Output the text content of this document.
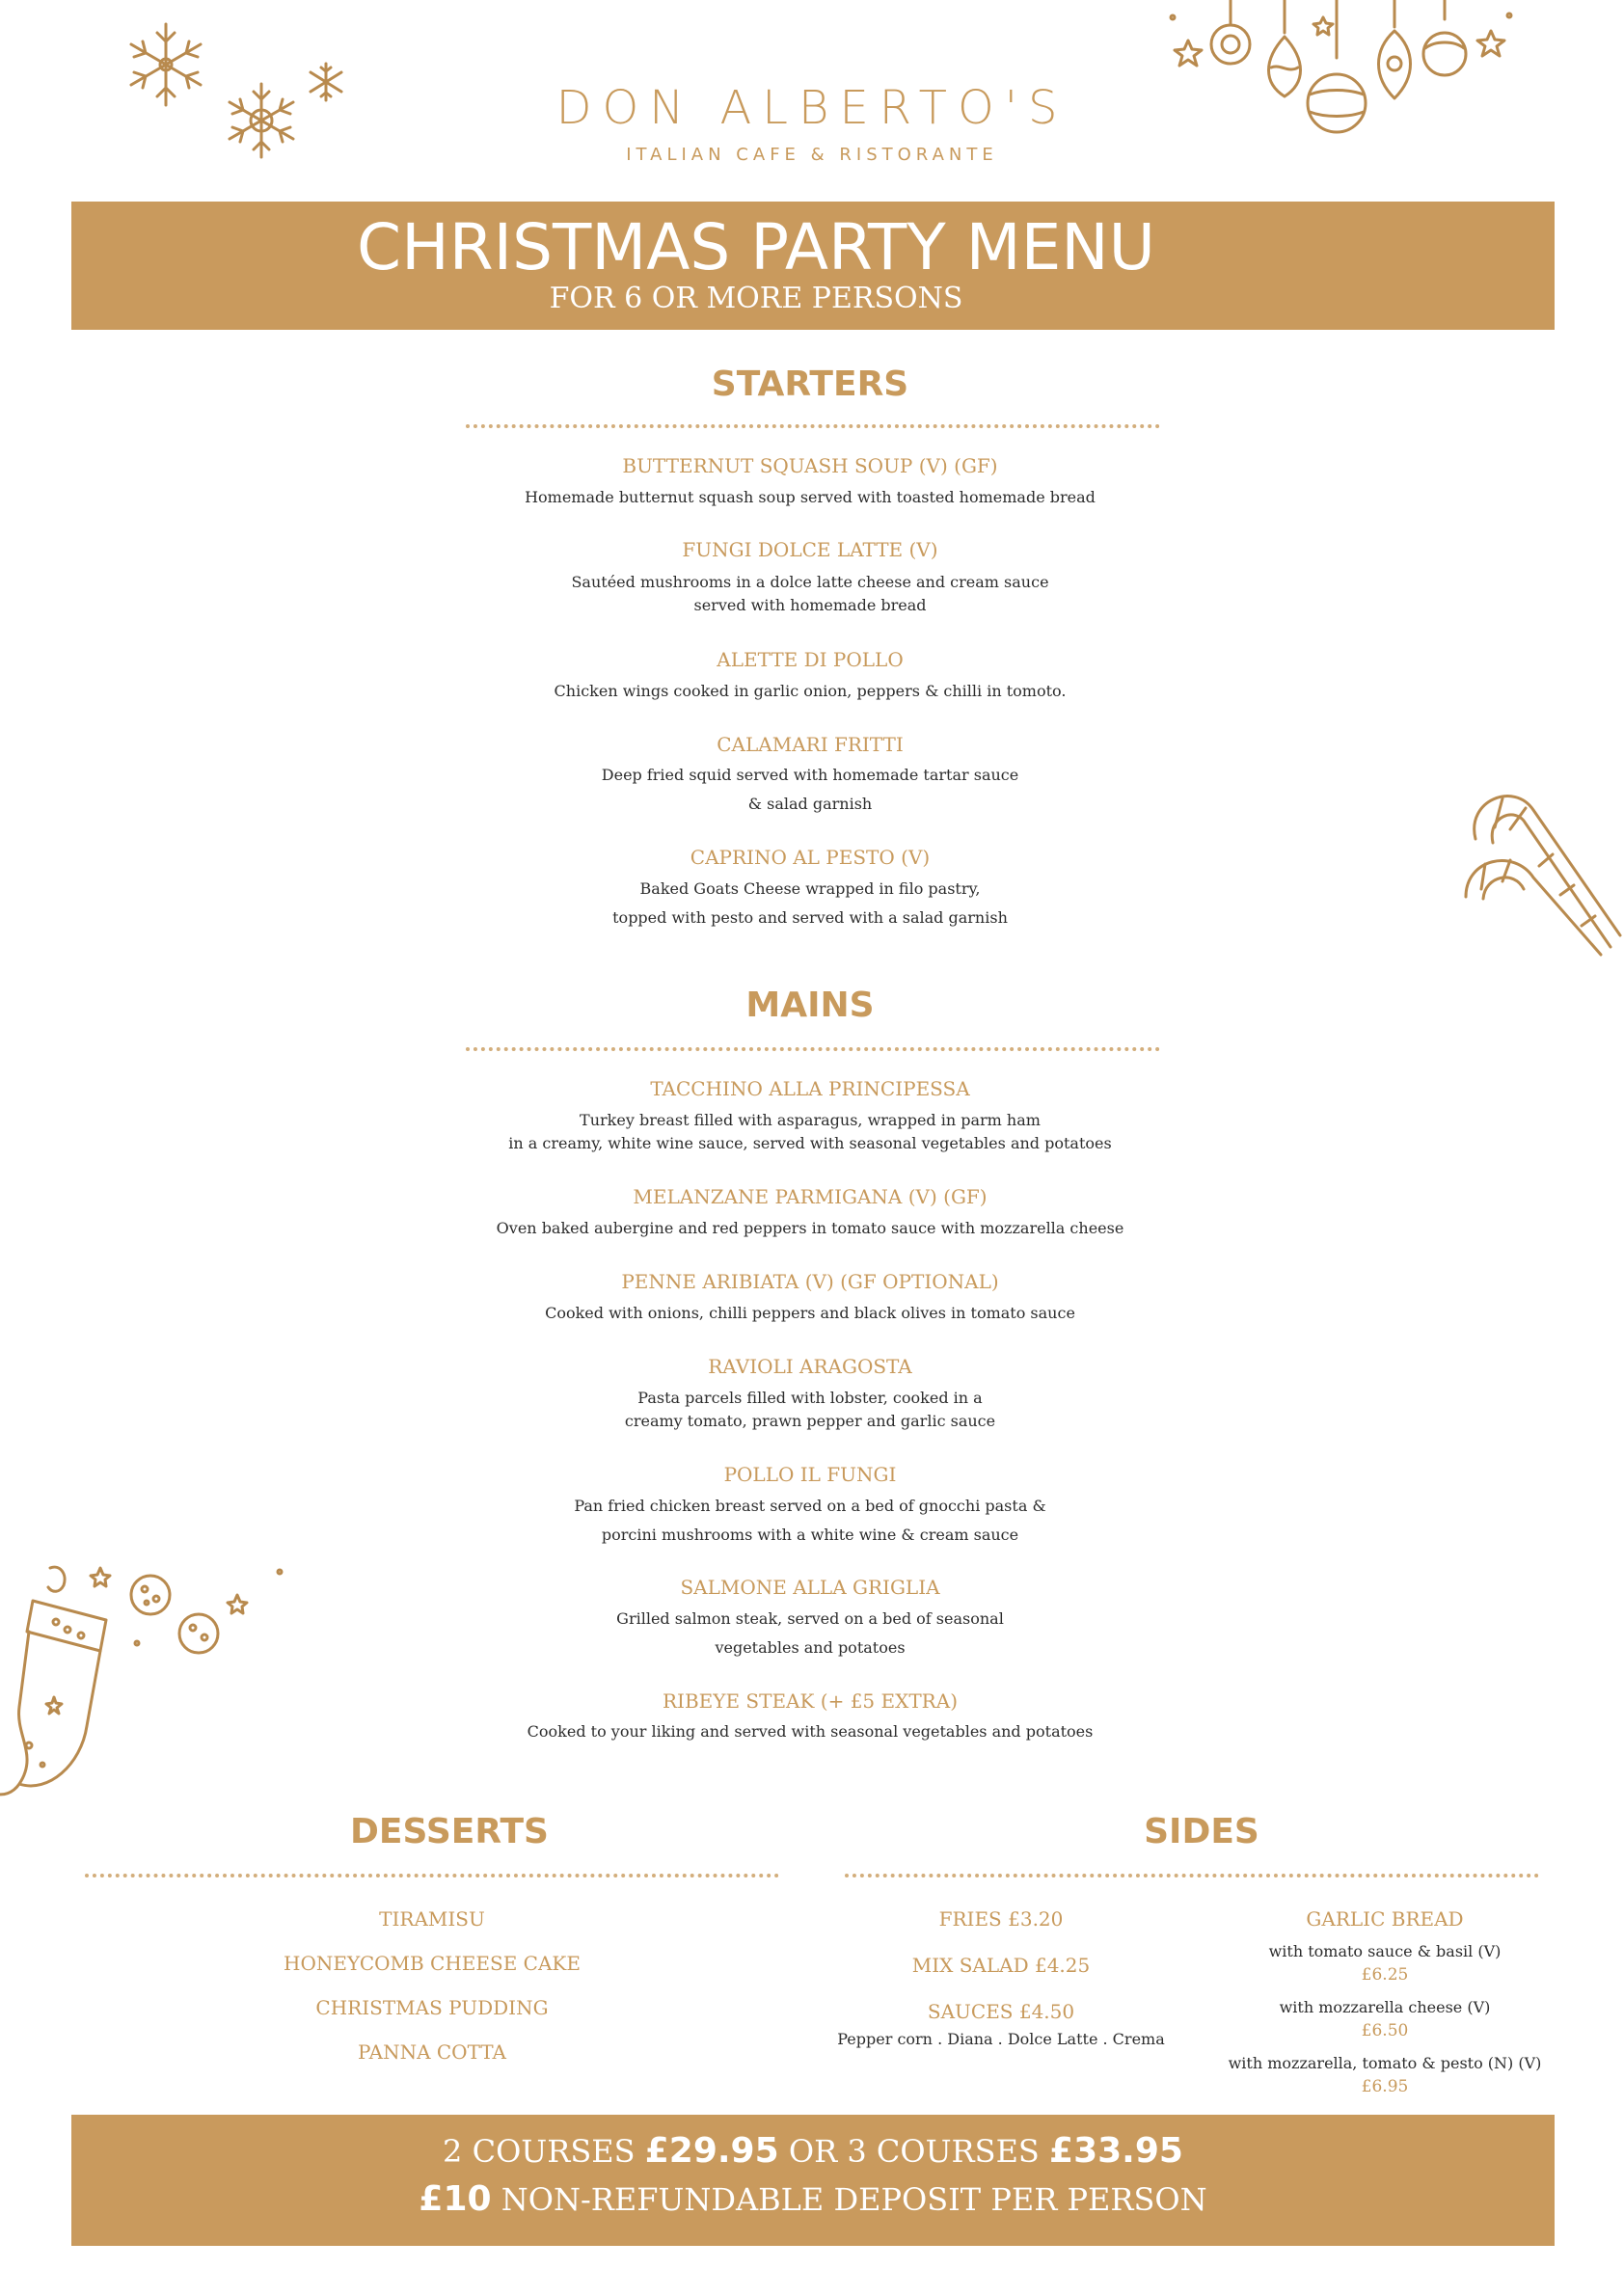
DON ALBERTO'S
ITALIAN CAFE & RISTORANTE
CHRISTMAS PARTY MENU
FOR 6 OR MORE PERSONS
STARTERS
BUTTERNUT SQUASH SOUP (V) (GF)
Homemade butternut squash soup served with toasted homemade bread
FUNGI DOLCE LATTE (V)
Sautéed mushrooms in a dolce latte cheese and cream sauce
served with homemade bread
ALETTE DI POLLO
Chicken wings cooked in garlic onion, peppers & chilli in tomoto.
CALAMARI FRITTI
Deep fried squid served with homemade tartar sauce
& salad garnish
CAPRINO AL PESTO (V)
Baked Goats Cheese wrapped in filo pastry,
topped with pesto and served with a salad garnish
MAINS
TACCHINO ALLA PRINCIPESSA
Turkey breast filled with asparagus, wrapped in parm ham
in a creamy, white wine sauce, served with seasonal vegetables and potatoes
MELANZANE PARMIGANA (V) (GF)
Oven baked aubergine and red peppers in tomato sauce with mozzarella cheese
PENNE ARIBIATA (V) (GF OPTIONAL)
Cooked with onions, chilli peppers and black olives in tomato sauce
RAVIOLI ARAGOSTA
Pasta parcels filled with lobster, cooked in a
creamy tomato, prawn pepper and garlic sauce
POLLO IL FUNGI
Pan fried chicken breast served on a bed of gnocchi pasta &
porcini mushrooms with a white wine & cream sauce
SALMONE ALLA GRIGLIA
Grilled salmon steak, served on a bed of seasonal
vegetables and potatoes
RIBEYE STEAK (+ £5 EXTRA)
Cooked to your liking and served with seasonal vegetables and potatoes
DESSERTS
TIRAMISU
HONEYCOMB CHEESE CAKE
CHRISTMAS PUDDING
PANNA COTTA
SIDES
FRIES £3.20
MIX SALAD £4.25
SAUCES £4.50
Pepper corn . Diana . Dolce Latte . Crema
GARLIC BREAD
with tomato sauce & basil (V)
£6.25
with mozzarella cheese (V)
£6.50
with mozzarella, tomato & pesto (N) (V)
£6.95
2 COURSES £29.95 OR 3 COURSES £33.95
£10 NON-REFUNDABLE DEPOSIT PER PERSON
